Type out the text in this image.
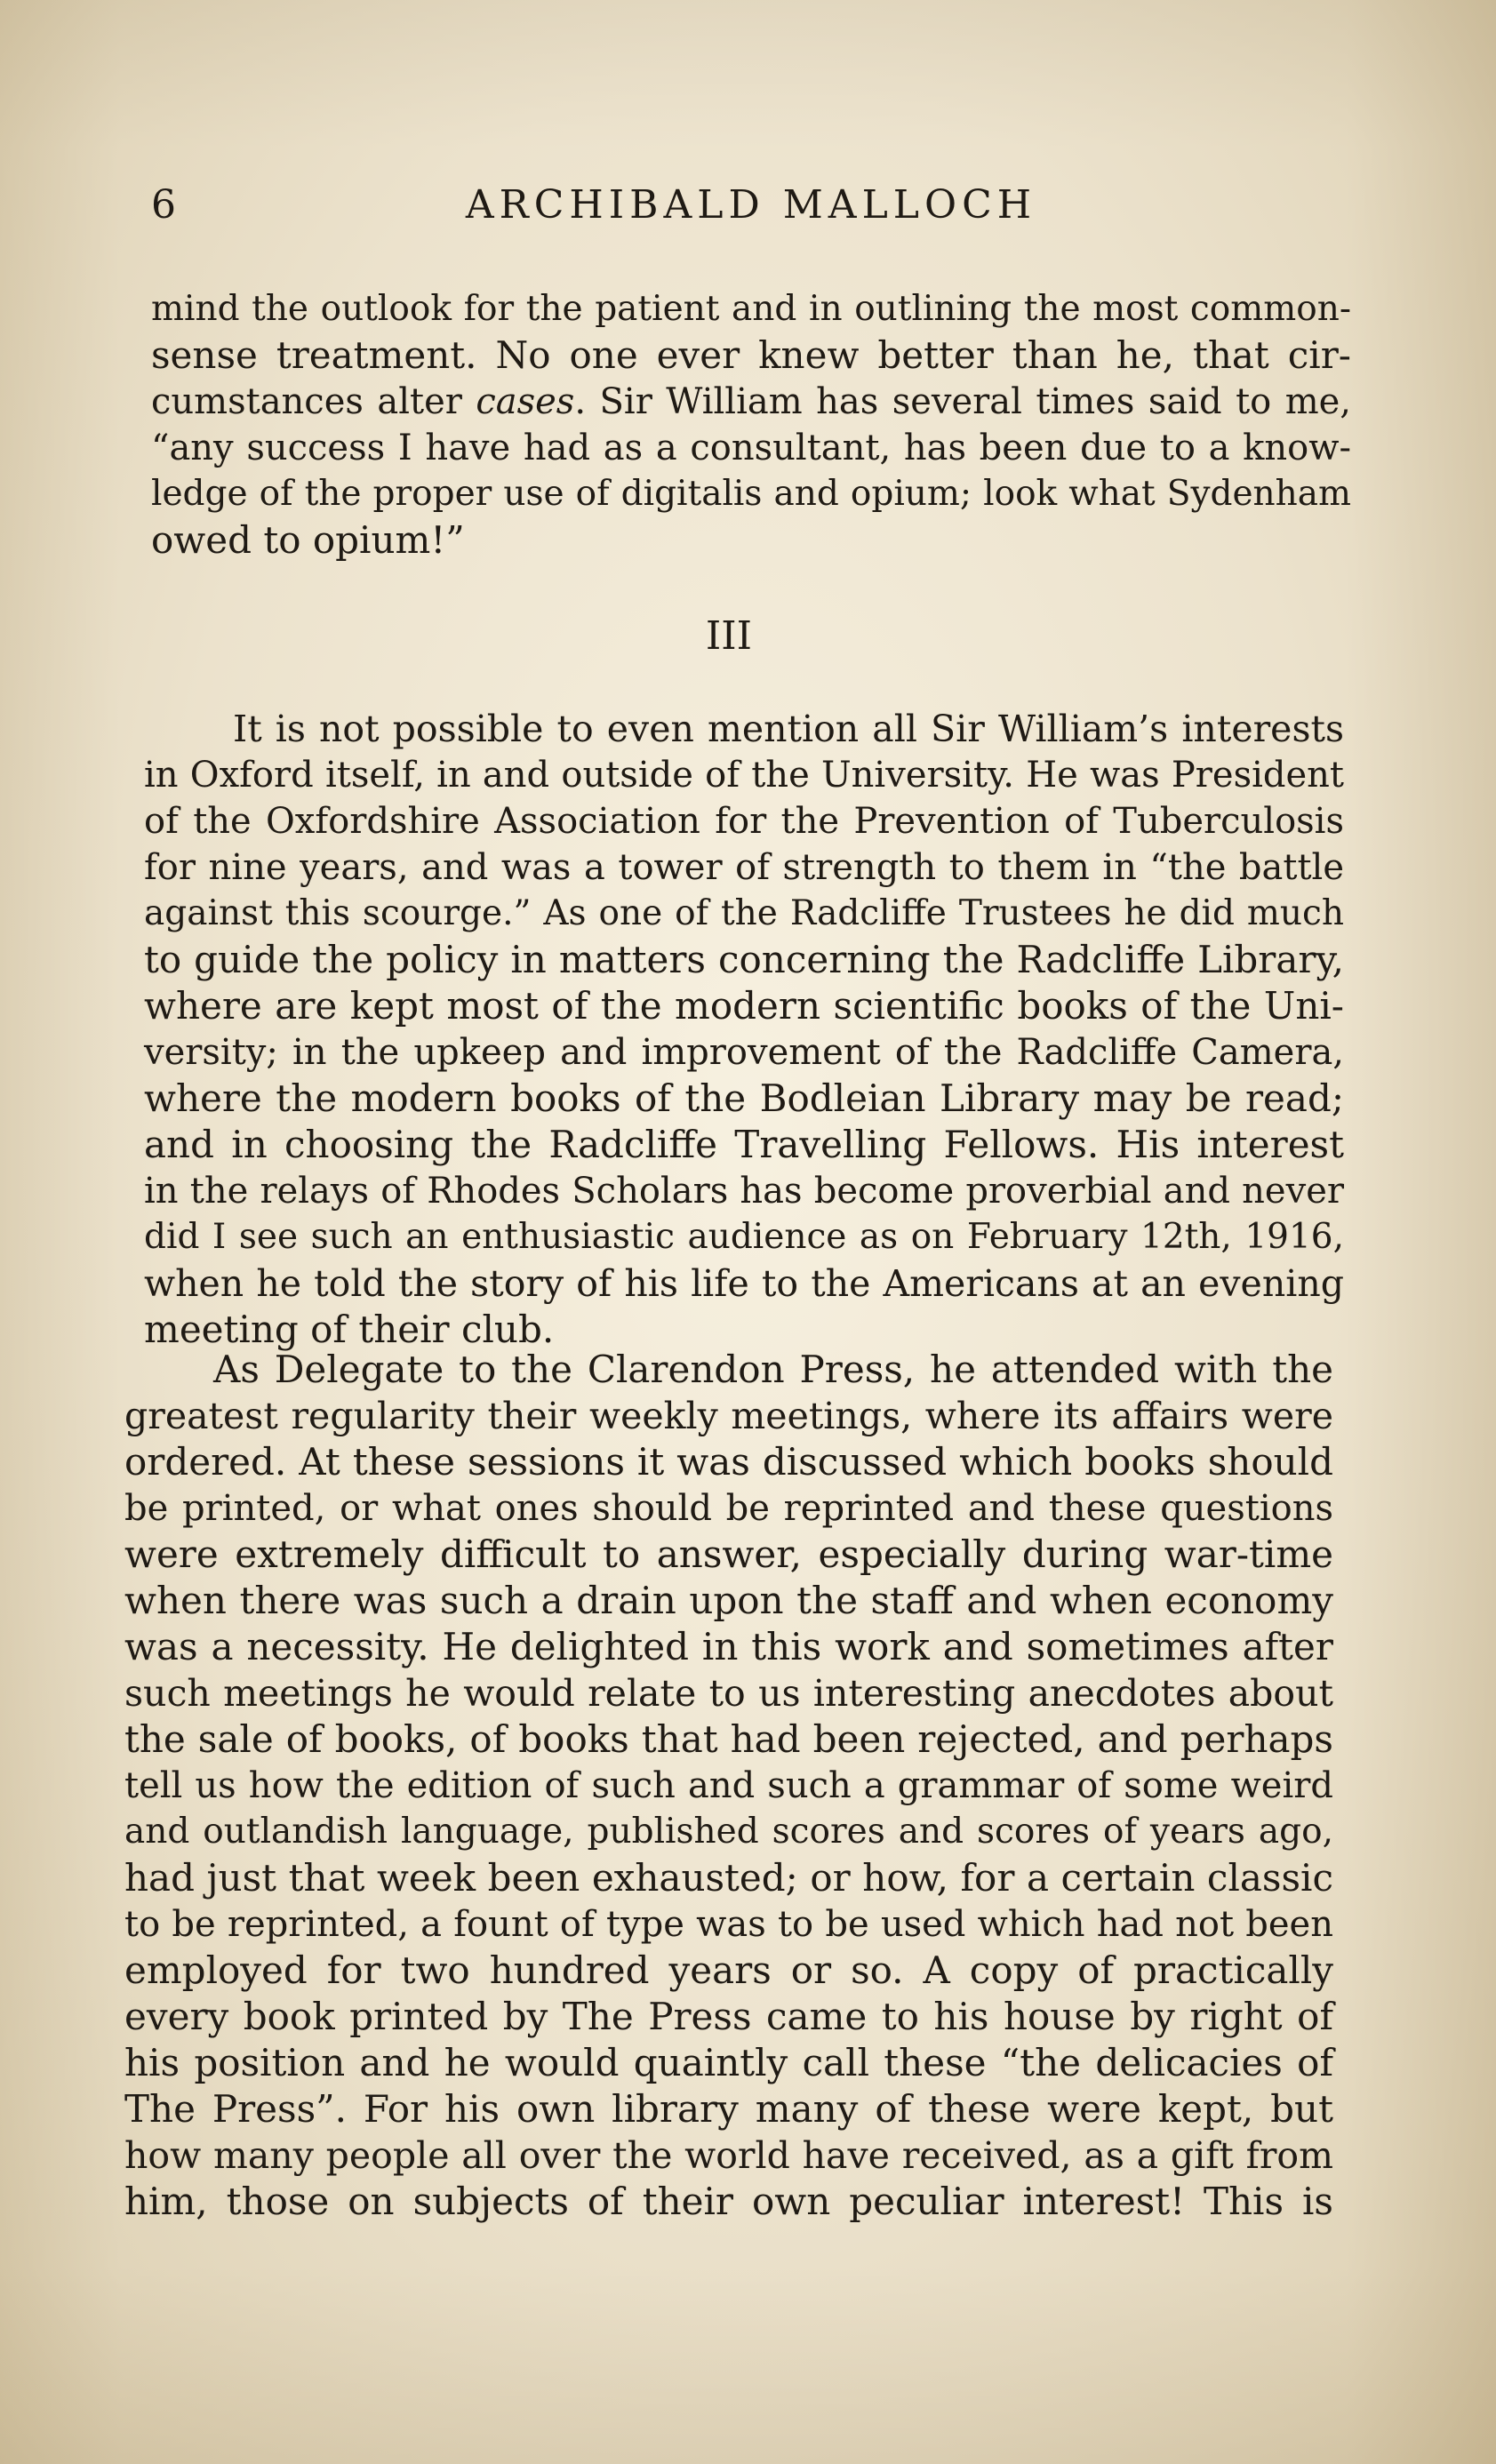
6	ARCHIBALD MALLOCH
mind the outlook for the patient and in outlining the most common-
sense treatment. No one ever knew better than he, that cir-
cumstances alter cases. Sir William has several times said to me,
“any success I have had as a consultant, has been due to a know-
ledge of the proper use of digitalis and opium; look what Sydenham
owed to opium!”
III
It is not possible to even mention all Sir William’s interests
in Oxford itself, in and outside of the University. He was President
of the Oxfordshire Association for the Prevention of Tuberculosis
for nine years, and was a tower of strength to them in “the battle
against this scourge.” As one of the Radcliffe Trustees he did much
to guide the policy in matters concerning the Radcliffe Library,
where are kept most of the modern scientific books of the Uni-
versity; in the upkeep and improvement of the Radcliffe Camera,
where the modern books of the Bodleian Library may be read;
and in choosing the Radcliffe Travelling Fellows. His interest
in the relays of Rhodes Scholars has become proverbial and never
did I see such an enthusiastic audience as on February 12th, 1916,
when he told the story of his life to the Americans at an evening
meeting of their club.
As Delegate to the Clarendon Press, he attended with the
greatest regularity their weekly meetings, where its affairs were
ordered. At these sessions it was discussed which books should
be printed, or what ones should be reprinted and these questions
were extremely difficult to answer, especially during war-time
when there was such a drain upon the staff and when economy
was a necessity. He delighted in this work and sometimes after
such meetings he would relate to us interesting anecdotes about
the sale of books, of books that had been rejected, and perhaps
tell us how the edition of such and such a grammar of some weird
and outlandish language, published scores and scores of years ago,
had just that week been exhausted; or how, for a certain classic
to be reprinted, a fount of type was to be used which had not been
employed for two hundred years or so. A copy of practically
every book printed by The Press came to his house by right of
his position and he would quaintly call these “the delicacies of
The Press”. For his own library many of these were kept, but
how many people all over the world have received, as a gift from
him, those on subjects of their own peculiar interest! This is
